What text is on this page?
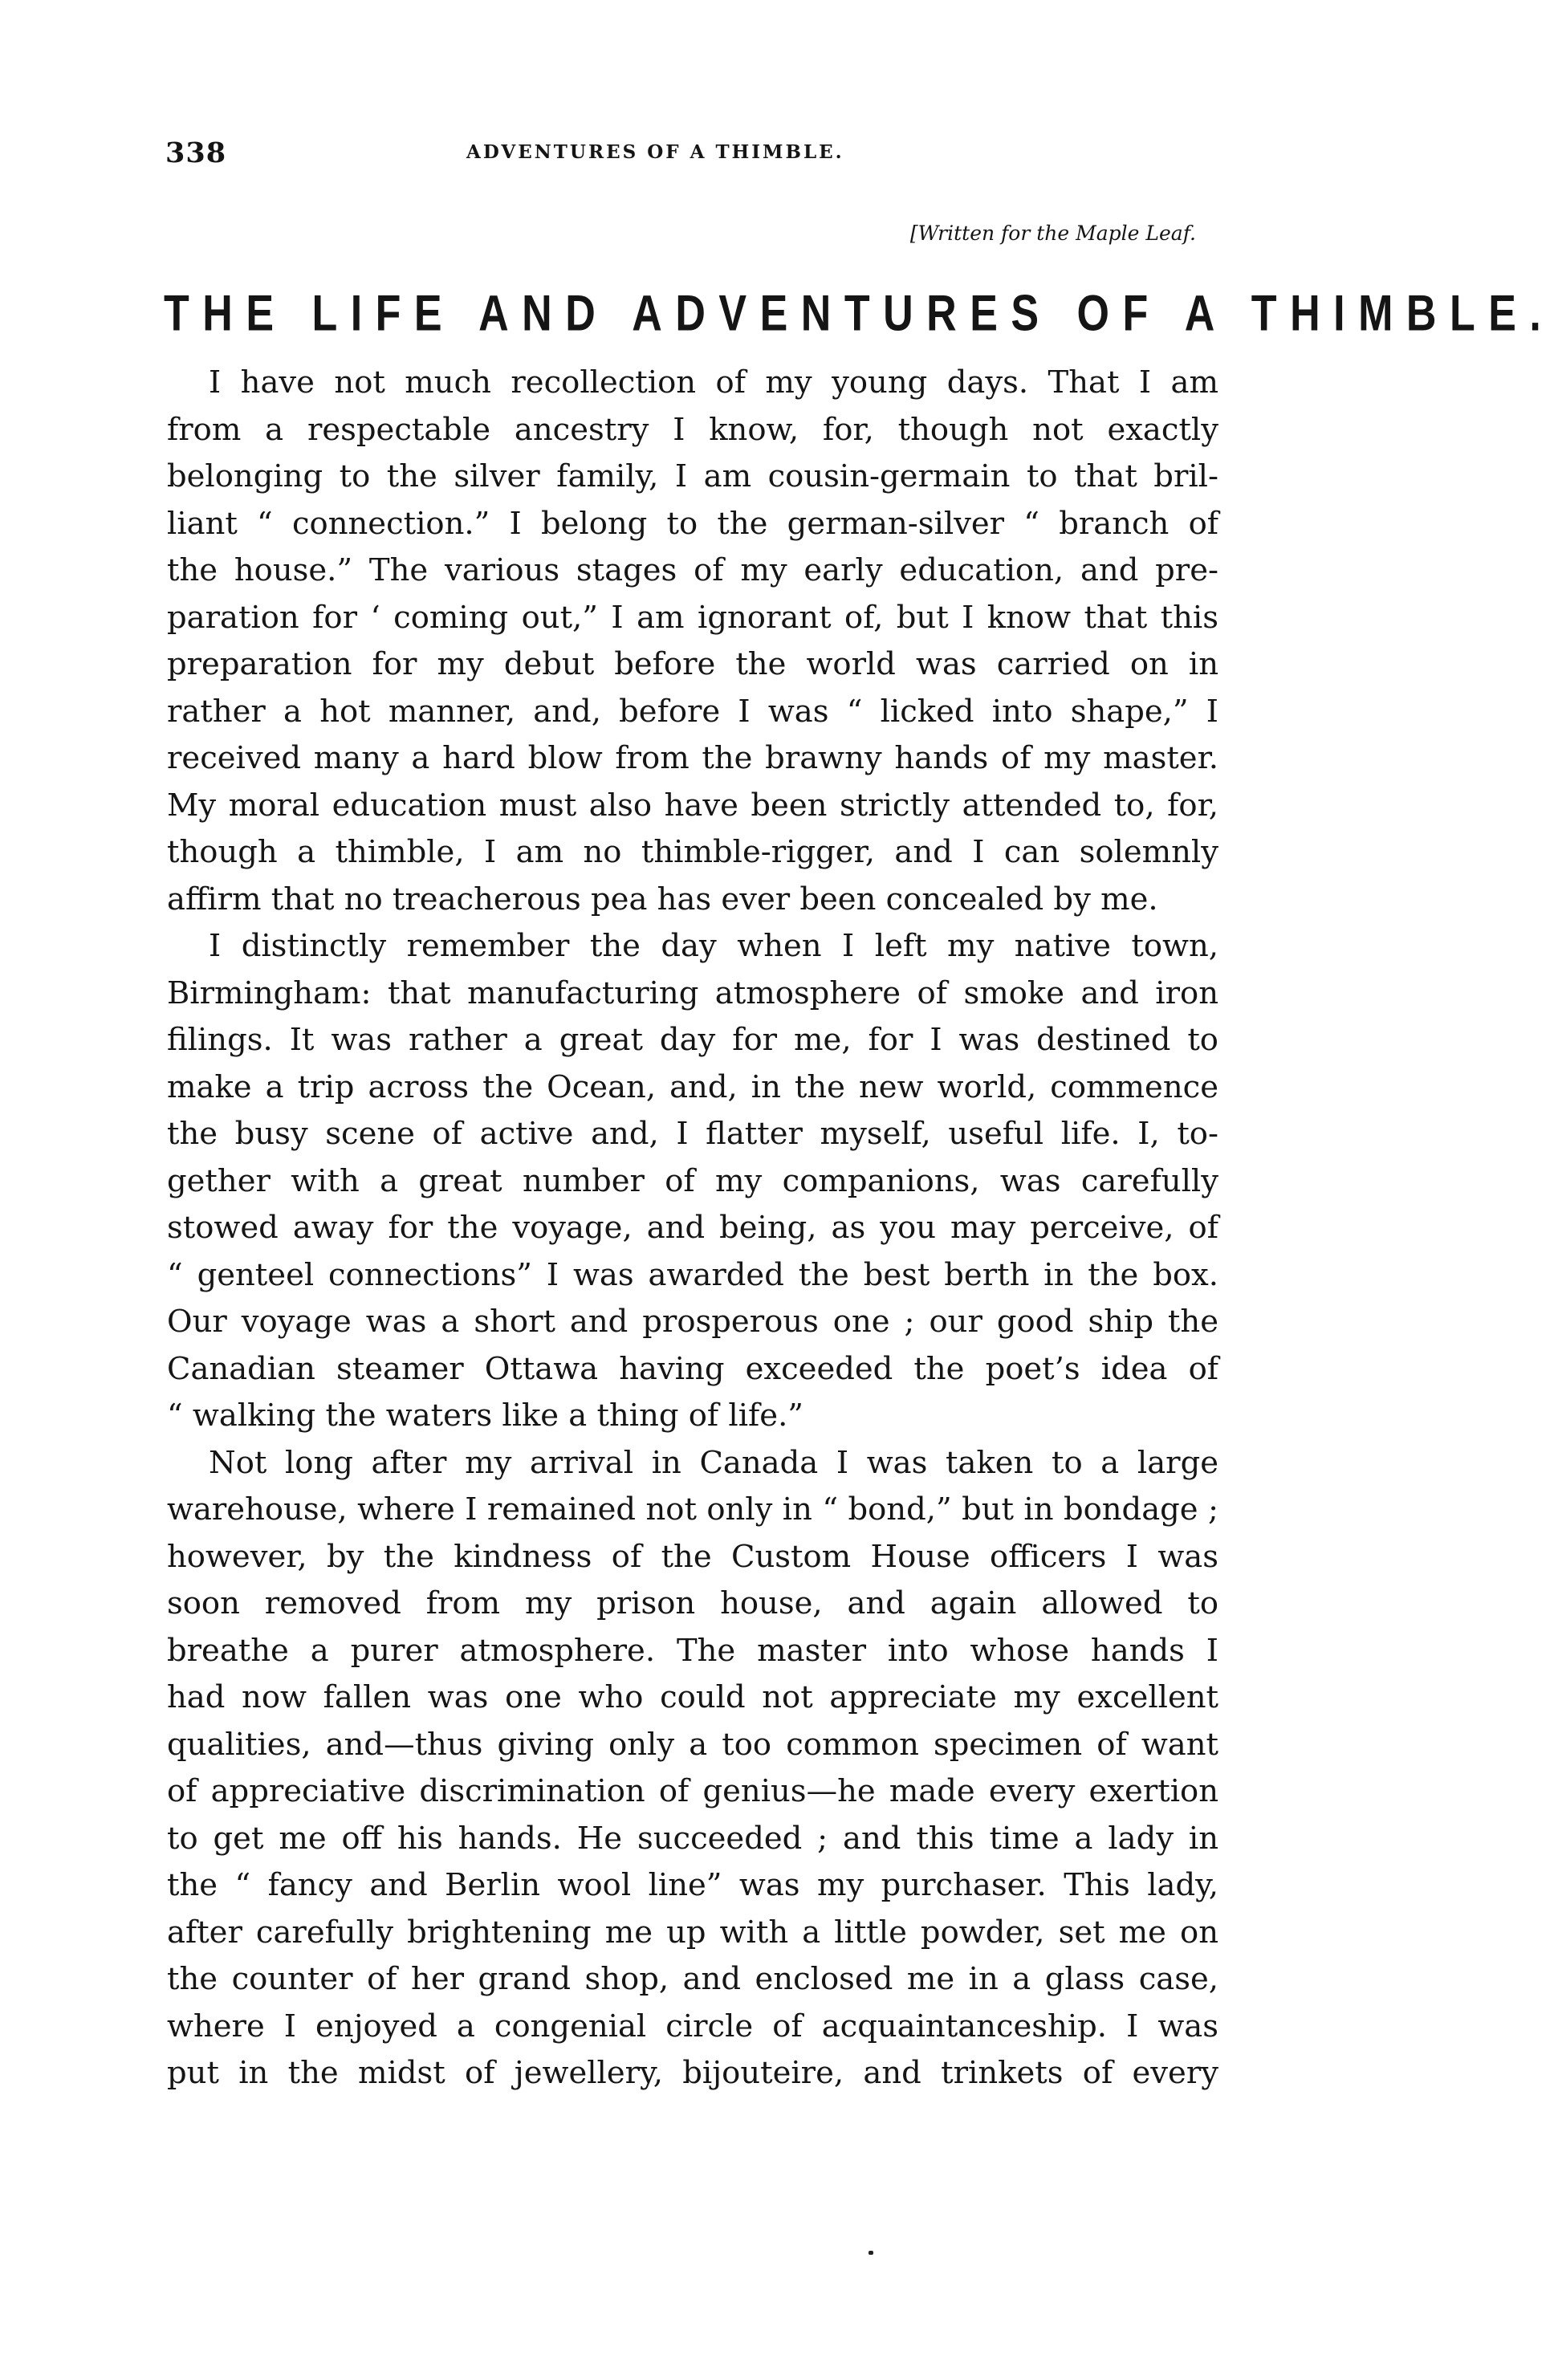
338	ADVENTURES OF A THIMBLE.
[Written for the Maple Leaf.
THE LIFE AND ADVENTURES OF A THIMBLE.

I have not much recollection of my young days. That I am
from a respectable ancestry I know, for, though not exactly
belonging to the silver family, I am cousin-germain to that bril-
liant “ connection.” I belong to the german-silver “ branch of
the house.” The various stages of my early education, and pre-
paration for ‘ coming out,” I am ignorant of, but I know that this
preparation for my debut before the world was carried on in
rather a hot manner, and, before I was “ licked into shape,” I
received many a hard blow from the brawny hands of my master.
My moral education must also have been strictly attended to, for,
though a thimble, I am no thimble-rigger, and I can solemnly
affirm that no treacherous pea has ever been concealed by me.

I distinctly remember the day when I left my native town,
Birmingham: that manufacturing atmosphere of smoke and iron
filings. It was rather a great day for me, for I was destined to
make a trip across the Ocean, and, in the new world, commence
the busy scene of active and, I flatter myself, useful life. I, to-
gether with a great number of my companions, was carefully
stowed away for the voyage, and being, as you may perceive, of
“ genteel connections” I was awarded the best berth in the box.
Our voyage was a short and prosperous one ; our good ship the
Canadian steamer Ottawa having exceeded the poet’s idea of
“ walking the waters like a thing of life.”

Not long after my arrival in Canada I was taken to a large
warehouse, where I remained not only in “ bond,” but in bondage ;
however, by the kindness of the Custom House officers I was
soon removed from my prison house, and again allowed to
breathe a purer atmosphere. The master into whose hands I
had now fallen was one who could not appreciate my excellent
qualities, and—thus giving only a too common specimen of want
of appreciative discrimination of genius—he made every exertion
to get me off his hands. He succeeded ; and this time a lady in
the “ fancy and Berlin wool line” was my purchaser. This lady,
after carefully brightening me up with a little powder, set me on
the counter of her grand shop, and enclosed me in a glass case,
where I enjoyed a congenial circle of acquaintanceship. I was
put in the midst of jewellery, bijouteire, and trinkets of every
